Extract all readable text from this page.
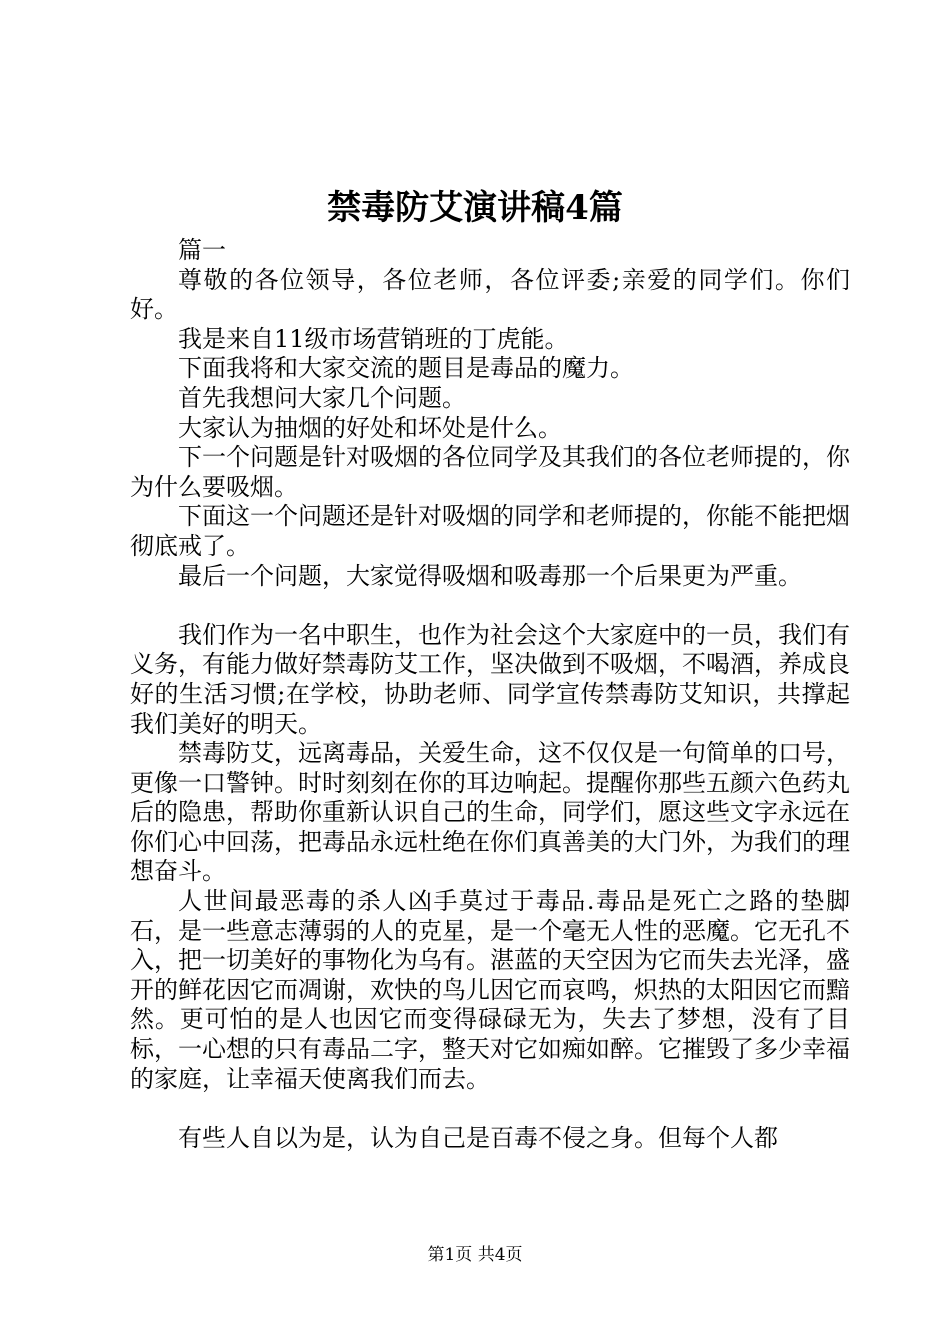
禁毒防艾演讲稿4篇

篇一

尊敬的各位领导，各位老师，各位评委;亲爱的同学们。你们好。

我是来自11级市场营销班的丁虎能。

下面我将和大家交流的题目是毒品的魔力。

首先我想问大家几个问题。

大家认为抽烟的好处和坏处是什么。

下一个问题是针对吸烟的各位同学及其我们的各位老师提的，你为什么要吸烟。

下面这一个问题还是针对吸烟的同学和老师提的，你能不能把烟彻底戒了。

最后一个问题，大家觉得吸烟和吸毒那一个后果更为严重。

我们作为一名中职生，也作为社会这个大家庭中的一员，我们有义务，有能力做好禁毒防艾工作，坚决做到不吸烟，不喝酒，养成良好的生活习惯;在学校，协助老师、同学宣传禁毒防艾知识，共撑起我们美好的明天。

禁毒防艾，远离毒品，关爱生命，这不仅仅是一句简单的口号，更像一口警钟。时时刻刻在你的耳边响起。提醒你那些五颜六色药丸后的隐患，帮助你重新认识自己的生命，同学们，愿这些文字永远在你们心中回荡，把毒品永远杜绝在你们真善美的大门外，为我们的理想奋斗。

人世间最恶毒的杀人凶手莫过于毒品.毒品是死亡之路的垫脚石，是一些意志薄弱的人的克星，是一个毫无人性的恶魔。它无孔不入，把一切美好的事物化为乌有。湛蓝的天空因为它而失去光泽，盛开的鲜花因它而凋谢，欢快的鸟儿因它而哀鸣，炽热的太阳因它而黯然。更可怕的是人也因它而变得碌碌无为，失去了梦想，没有了目标，一心想的只有毒品二字，整天对它如痴如醉。它摧毁了多少幸福的家庭，让幸福天使离我们而去。

有些人自以为是，认为自己是百毒不侵之身。但每个人都

第1页 共4页
